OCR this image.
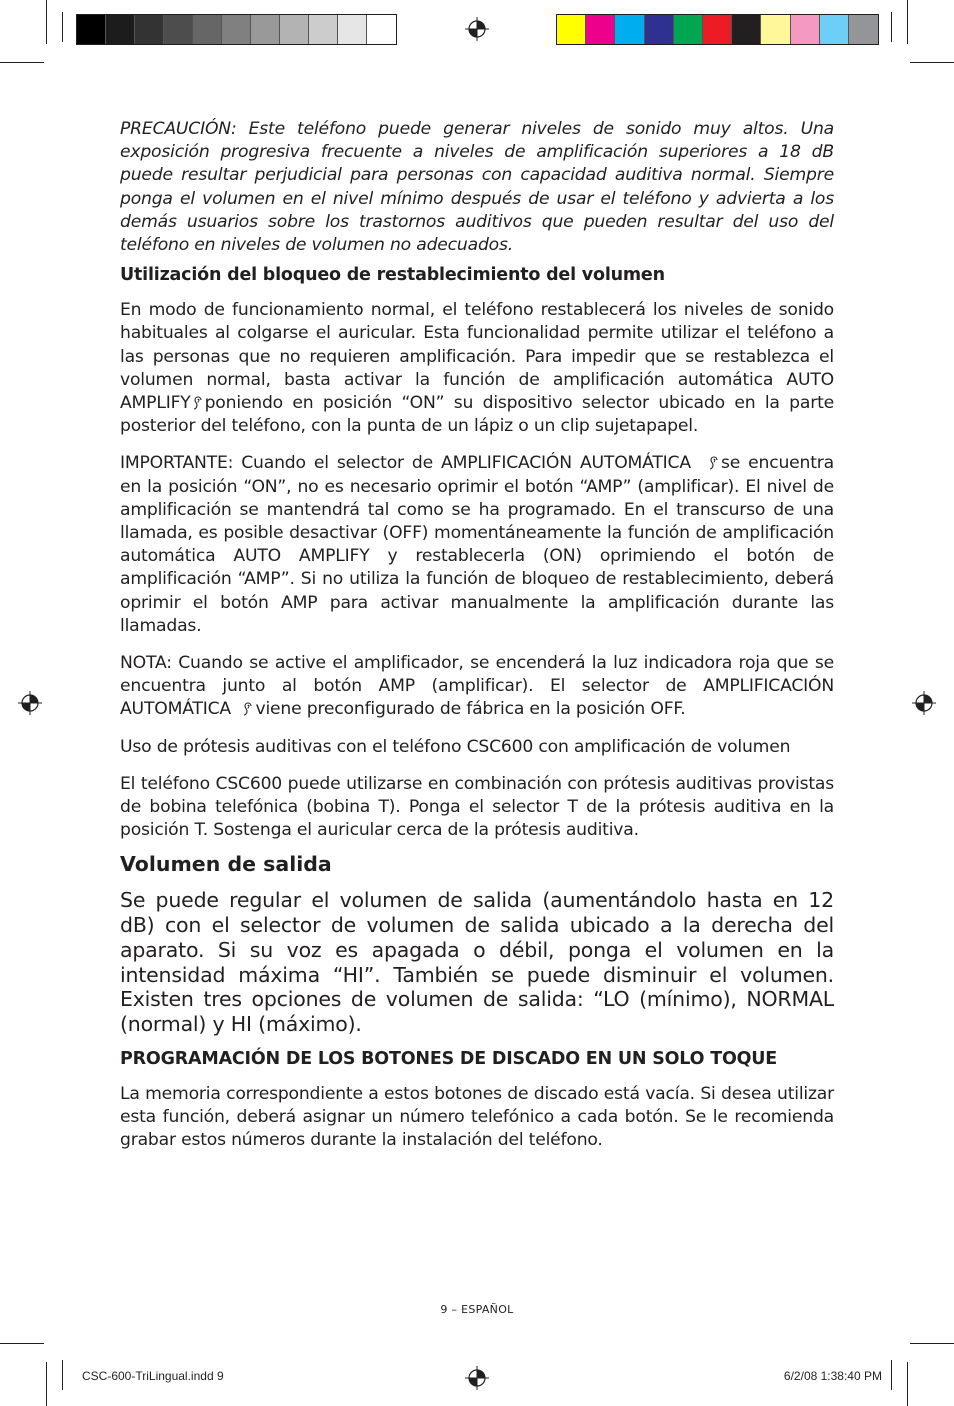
PRECAUCIÓN: Este teléfono puede generar niveles de sonido muy altos. Una exposición progresiva frecuente a niveles de amplificación superiores a 18 dB puede resultar perjudicial para personas con capacidad auditiva normal. Siempre ponga el volumen en el nivel mínimo después de usar el teléfono y advierta a los demás usuarios sobre los trastornos auditivos que pueden resultar del uso del teléfono en niveles de volumen no adecuados.

Utilización del bloqueo de restablecimiento del volumen

En modo de funcionamiento normal, el teléfono restablecerá los niveles de sonido habituales al colgarse el auricular. Esta funcionalidad permite utilizar el teléfono a las personas que no requieren amplificación. Para impedir que se restablezca el volumen normal, basta activar la función de amplificación automática AUTO AMPLIFY poniendo en posición “ON” su dispositivo selector ubicado en la parte posterior del teléfono, con la punta de un lápiz o un clip sujetapapel.

IMPORTANTE: Cuando el selector de AMPLIFICACIÓN AUTOMÁTICA se encuentra en la posición “ON”, no es necesario oprimir el botón “AMP” (amplificar). El nivel de amplificación se mantendrá tal como se ha programado. En el transcurso de una llamada, es posible desactivar (OFF) momentáneamente la función de amplificación automática AUTO AMPLIFY y restablecerla (ON) oprimiendo el botón de amplificación “AMP”. Si no utiliza la función de bloqueo de restablecimiento, deberá oprimir el botón AMP para activar manualmente la amplificación durante las llamadas.

NOTA: Cuando se active el amplificador, se encenderá la luz indicadora roja que se encuentra junto al botón AMP (amplificar). El selector de AMPLIFICACIÓN AUTOMÁTICA viene preconfigurado de fábrica en la posición OFF.

Uso de prótesis auditivas con el teléfono CSC600 con amplificación de volumen

El teléfono CSC600 puede utilizarse en combinación con prótesis auditivas provistas de bobina telefónica (bobina T). Ponga el selector T de la prótesis auditiva en la posición T. Sostenga el auricular cerca de la prótesis auditiva.

Volumen de salida

Se puede regular el volumen de salida (aumentándolo hasta en 12 dB) con el selector de volumen de salida ubicado a la derecha del aparato. Si su voz es apagada o débil, ponga el volumen en la intensidad máxima “HI”. También se puede disminuir el volumen. Existen tres opciones de volumen de salida: “LO (mínimo), NORMAL (normal) y HI (máximo).

PROGRAMACIÓN DE LOS BOTONES DE DISCADO EN UN SOLO TOQUE

La memoria correspondiente a estos botones de discado está vacía. Si desea utilizar esta función, deberá asignar un número telefónico a cada botón. Se le recomienda grabar estos números durante la instalación del teléfono.

9 – ESPAÑOL
CSC-600-TriLingual.indd 9	6/2/08 1:38:40 PM
